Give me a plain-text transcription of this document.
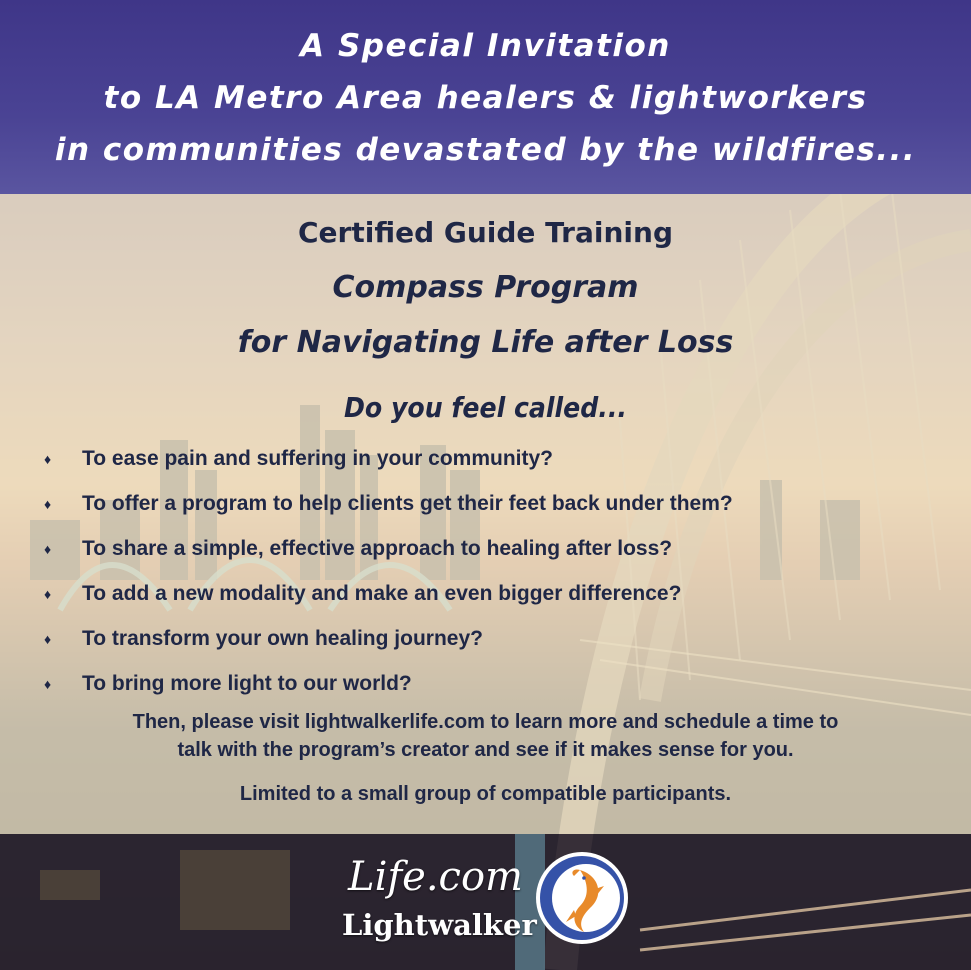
A Special Invitation
to LA Metro Area healers & lightworkers
in communities devastated by the wildfires...
Certified Guide Training
Compass Program
for Navigating Life after Loss
Do you feel called...
♦ To ease pain and suffering in your community?
♦ To offer a program to help clients get their feet back under them?
♦ To share a simple, effective approach to healing after loss?
♦ To add a new modality and make an even bigger difference?
♦ To transform your own healing journey?
♦ To bring more light to our world?
Then, please visit lightwalkerlife.com to learn more and schedule a time to
talk with the program’s creator and see if it makes sense for you.
Limited to a small group of compatible participants.
Life.com
Lightwalker
